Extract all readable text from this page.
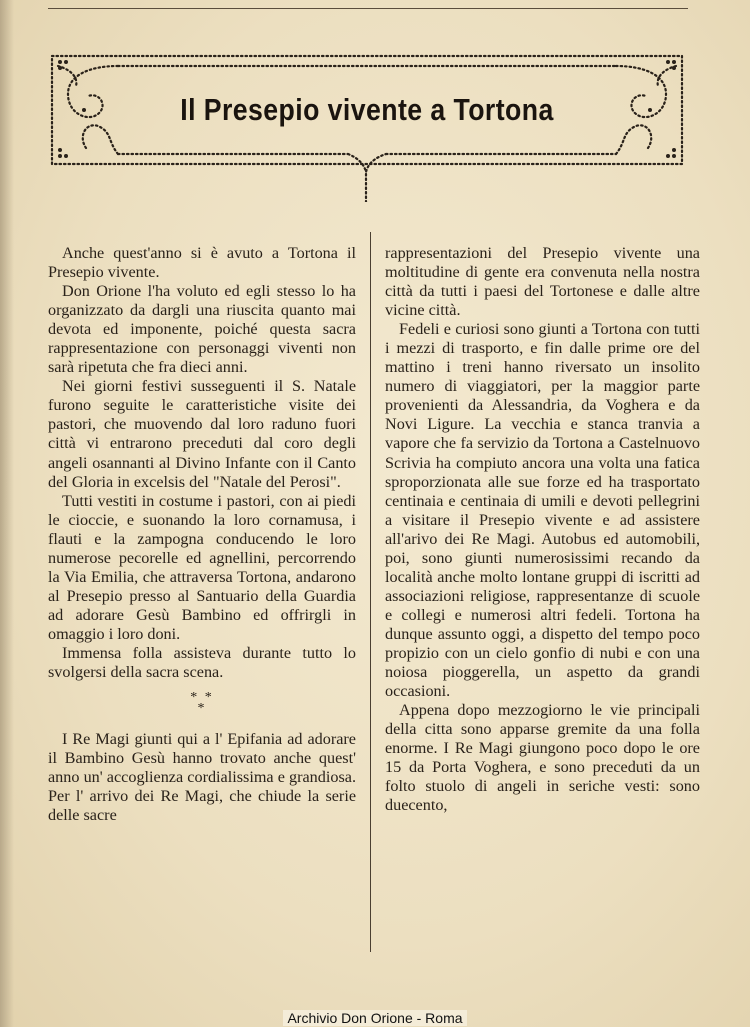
Il Presepio vivente a Tortona

Anche quest'anno si è avuto a Tortona il Presepio vivente.

Don Orione l'ha voluto ed egli stesso lo ha organizzato da dargli una riuscita quanto mai devota ed imponente, poiché questa sacra rappresentazione con personaggi viventi non sarà ripetuta che fra dieci anni.

Nei giorni festivi susseguenti il S. Natale furono seguite le caratteristiche visite dei pastori, che muovendo dal loro raduno fuori città vi entrarono preceduti dal coro degli angeli osannanti al Divino Infante con il Canto del Gloria in excelsis del "Natale del Perosi".

Tutti vestiti in costume i pastori, con ai piedi le cioccie, e suonando la loro cornamusa, i flauti e la zampogna conducendo le loro numerose pecorelle ed agnellini, percorrendo la Via Emilia, che attraversa Tortona, andarono al Presepio presso al Santuario della Guardia ad adorare Gesù Bambino ed offrirgli in omaggio i loro doni.

Immensa folla assisteva durante tutto lo svolgersi della sacra scena.

* *
*

I Re Magi giunti qui a l' Epifania ad adorare il Bambino Gesù hanno trovato anche quest' anno un' accoglienza cordialissima e grandiosa. Per l' arrivo dei Re Magi, che chiude la serie delle sacre

rappresentazioni del Presepio vivente una moltitudine di gente era convenuta nella nostra città da tutti i paesi del Tortonese e dalle altre vicine città.

Fedeli e curiosi sono giunti a Tortona con tutti i mezzi di trasporto, e fin dalle prime ore del mattino i treni hanno riversato un insolito numero di viaggiatori, per la maggior parte provenienti da Alessandria, da Voghera e da Novi Ligure. La vecchia e stanca tranvia a vapore che fa servizio da Tortona a Castelnuovo Scrivia ha compiuto ancora una volta una fatica sproporzionata alle sue forze ed ha trasportato centinaia e centinaia di umili e devoti pellegrini a visitare il Presepio vivente e ad assistere all'arivo dei Re Magi. Autobus ed automobili, poi, sono giunti numerosissimi recando da località anche molto lontane gruppi di iscritti ad associazioni religiose, rappresentanze di scuole e collegi e numerosi altri fedeli. Tortona ha dunque assunto oggi, a dispetto del tempo poco propizio con un cielo gonfio di nubi e con una noiosa pioggerella, un aspetto da grandi occasioni.

Appena dopo mezzogiorno le vie principali della citta sono apparse gremite da una folla enorme. I Re Magi giungono poco dopo le ore 15 da Porta Voghera, e sono preceduti da un folto stuolo di angeli in seriche vesti: sono duecento,

Archivio Don Orione - Roma
